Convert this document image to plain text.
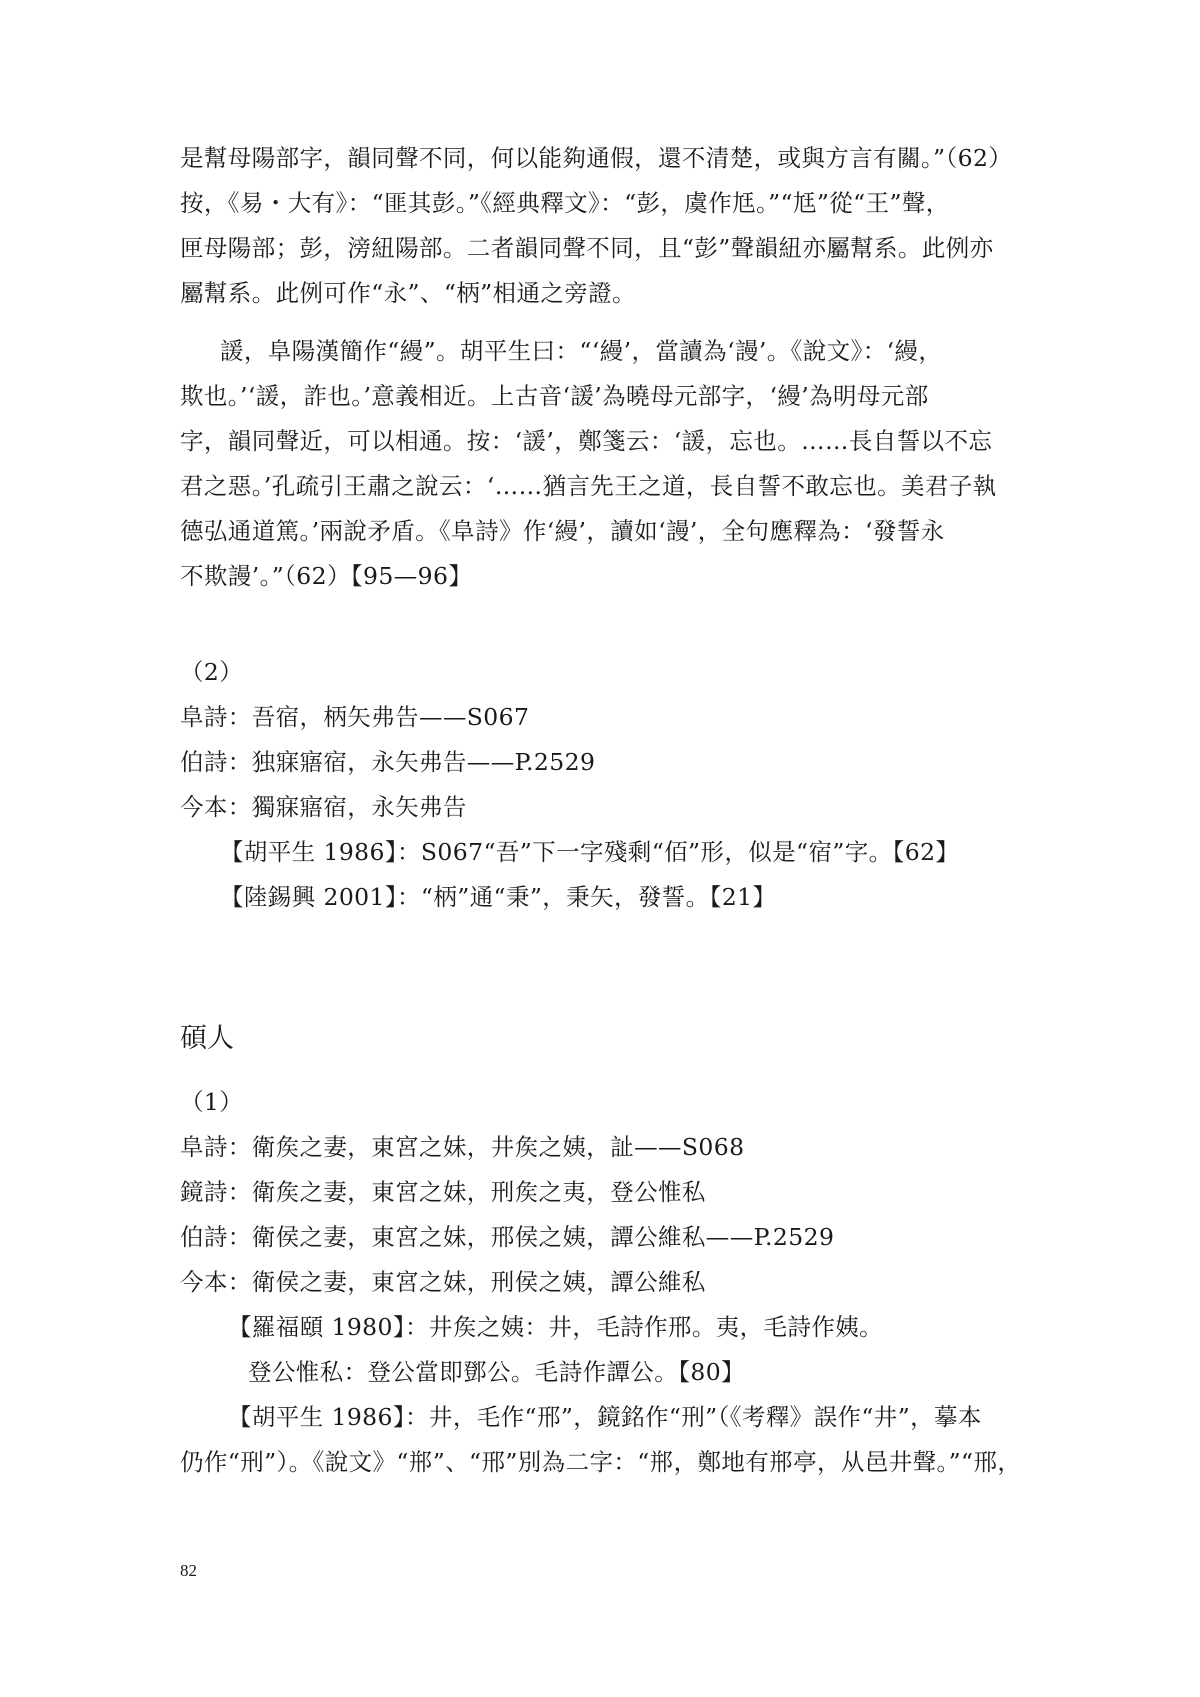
是幫母陽部字，韻同聲不同，何以能夠通假，還不清楚，或與方言有關。”（62）
按，《易・大有》：“匪其彭。”《經典釋文》：“彭，虞作尪。”“尪”從“王”聲，
匣母陽部；彭，滂紐陽部。二者韻同聲不同，且“彭”聲韻紐亦屬幫系。此例亦
屬幫系。此例可作“永”、“柄”相通之旁證。
諼，阜陽漢簡作“縵”。胡平生曰：“‘縵’，當讀為‘謾’。《說文》：‘縵，
欺也。’‘諼，詐也。’意義相近。上古音‘諼’為曉母元部字，‘縵’為明母元部
字，韻同聲近，可以相通。按：‘諼’，鄭箋云：‘諼，忘也。……長自誓以不忘
君之惡。’孔疏引王肅之說云：‘……猶言先王之道，長自誓不敢忘也。美君子執
德弘通道篤。’兩說矛盾。《阜詩》作‘縵’，讀如‘謾’，全句應釋為：‘發誓永
不欺謾’。”（62）【95—96】
（2）
阜詩：吾宿，柄矢弗告——S067
伯詩：独寐寤宿，永矢弗告——P.2529
今本：獨寐寤宿，永矢弗告
【胡平生 1986】：S067“吾”下一字殘剩“佰”形，似是“宿”字。【62】
【陸錫興 2001】：“柄”通“秉”，秉矢，發誓。【21】
碩人
（1）
阜詩：衛矦之妻，東宮之妹，井矦之姨，訨——S068
鏡詩：衛矦之妻，東宮之妹，刑矦之夷，登公惟私
伯詩：衛侯之妻，東宮之妹，邢侯之姨，譚公維私——P.2529
今本：衛侯之妻，東宮之妹，刑侯之姨，譚公維私
【羅福頤 1980】：井矦之姨：井，毛詩作邢。夷，毛詩作姨。
登公惟私：登公當即鄧公。毛詩作譚公。【80】
【胡平生 1986】：井，毛作“邢”，鏡銘作“刑”（《考釋》誤作“井”，摹本
仍作“刑”）。《說文》“郱”、“邢”別為二字：“郱，鄭地有郱亭，从邑井聲。”“邢，
82
